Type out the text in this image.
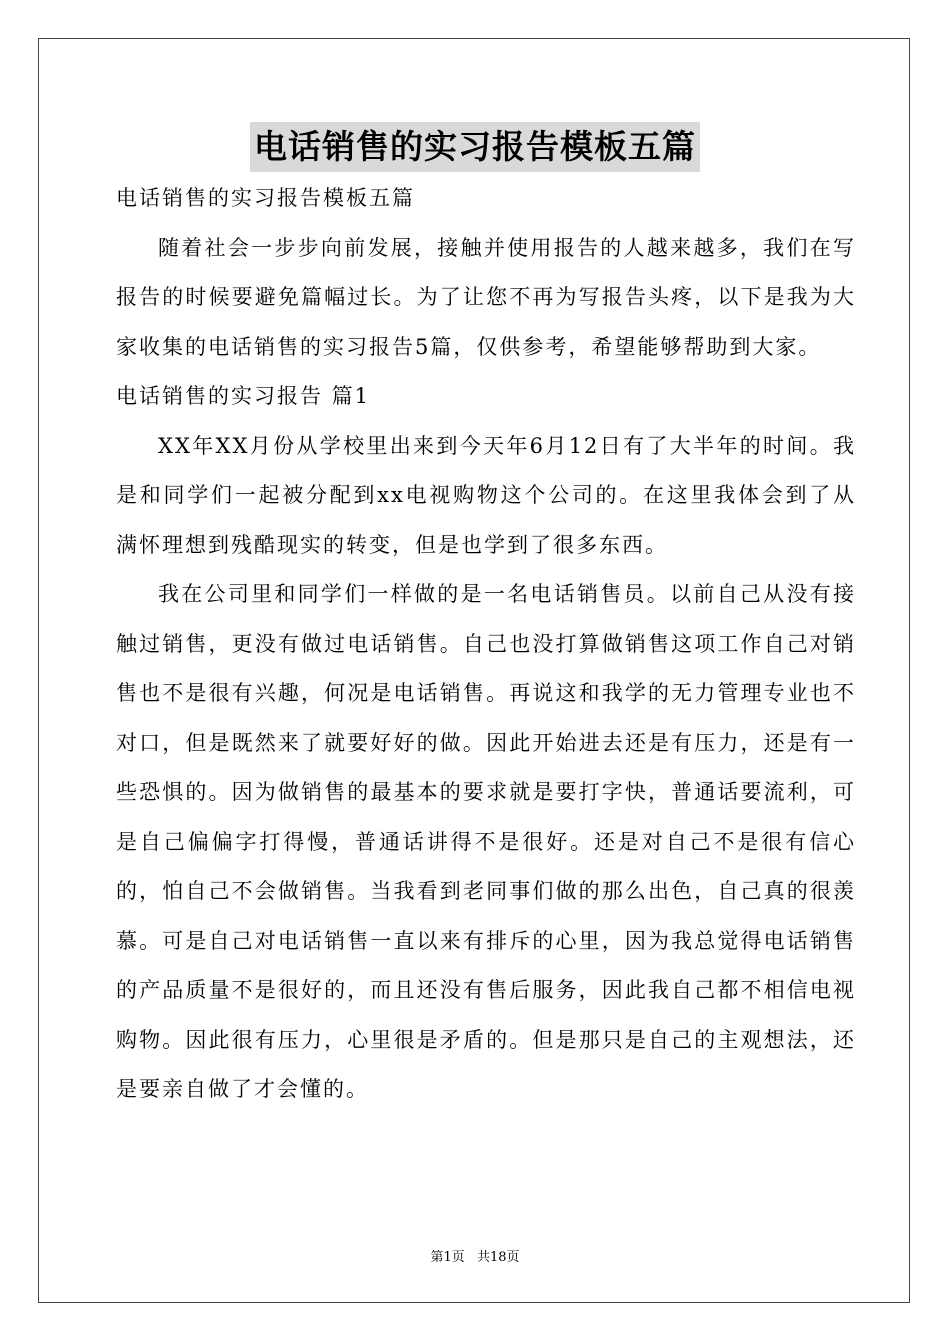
电话销售的实习报告模板五篇

电话销售的实习报告模板五篇

随着社会一步步向前发展，接触并使用报告的人越来越多，我们在写报告的时候要避免篇幅过长。为了让您不再为写报告头疼，以下是我为大家收集的电话销售的实习报告5篇，仅供参考，希望能够帮助到大家。

电话销售的实习报告 篇1

XX年XX月份从学校里出来到今天年6月12日有了大半年的时间。我是和同学们一起被分配到xx电视购物这个公司的。在这里我体会到了从满怀理想到残酷现实的转变，但是也学到了很多东西。

我在公司里和同学们一样做的是一名电话销售员。以前自己从没有接触过销售，更没有做过电话销售。自己也没打算做销售这项工作自己对销售也不是很有兴趣，何况是电话销售。再说这和我学的无力管理专业也不对口，但是既然来了就要好好的做。因此开始进去还是有压力，还是有一些恐惧的。因为做销售的最基本的要求就是要打字快，普通话要流利，可是自己偏偏字打得慢，普通话讲得不是很好。还是对自己不是很有信心的，怕自己不会做销售。当我看到老同事们做的那么出色，自己真的很羡慕。可是自己对电话销售一直以来有排斥的心里，因为我总觉得电话销售的产品质量不是很好的，而且还没有售后服务，因此我自己都不相信电视购物。因此很有压力，心里很是矛盾的。但是那只是自己的主观想法，还是要亲自做了才会懂的。

第1页 共18页
